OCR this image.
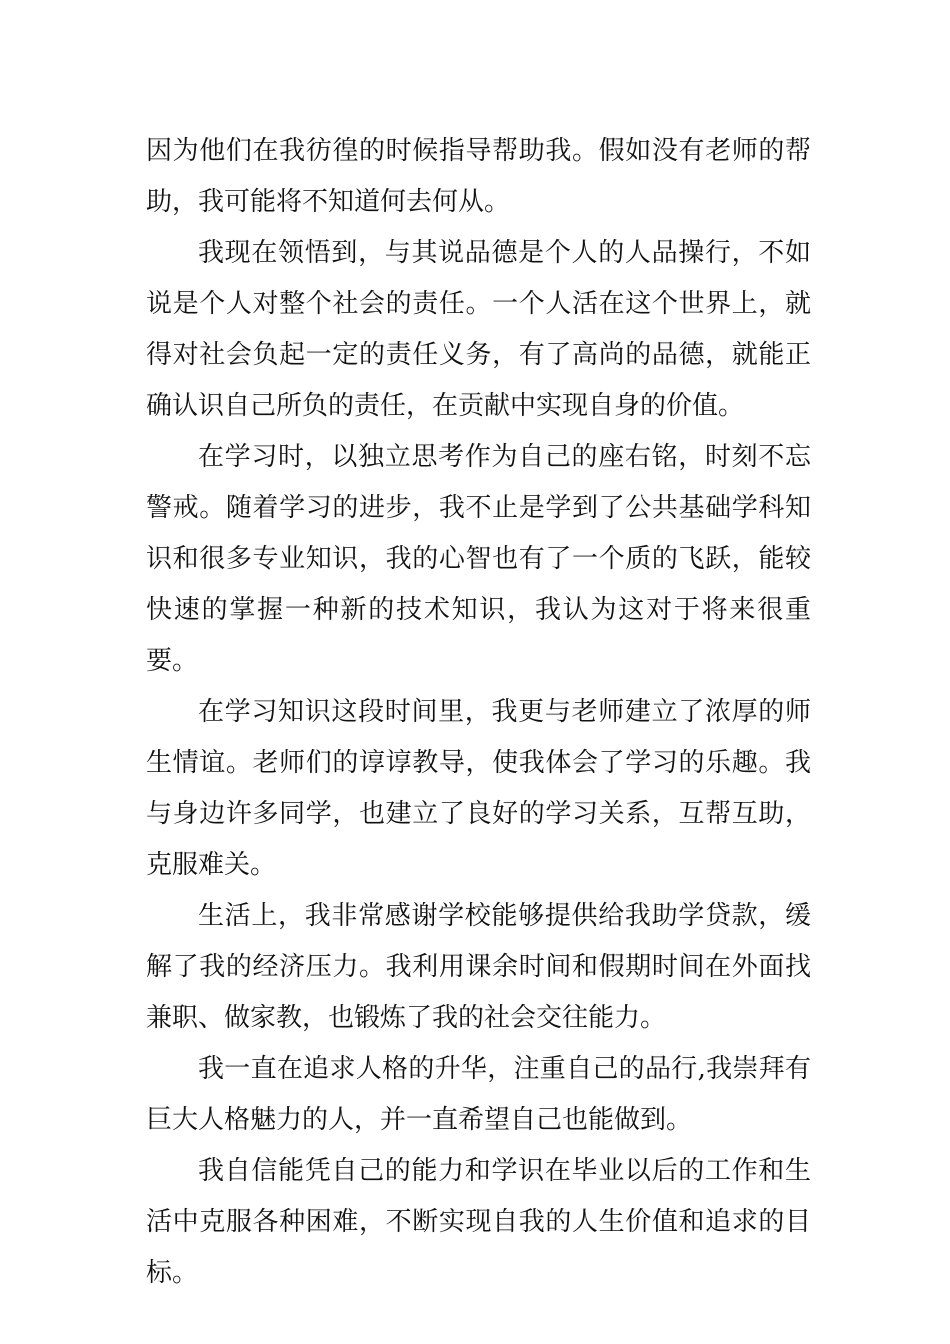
因为他们在我彷徨的时候指导帮助我。假如没有老师的帮助，我可能将不知道何去何从。

我现在领悟到，与其说品德是个人的人品操行，不如说是个人对整个社会的责任。一个人活在这个世界上，就得对社会负起一定的责任义务，有了高尚的品德，就能正确认识自己所负的责任，在贡献中实现自身的价值。

在学习时，以独立思考作为自己的座右铭，时刻不忘警戒。随着学习的进步，我不止是学到了公共基础学科知识和很多专业知识，我的心智也有了一个质的飞跃，能较快速的掌握一种新的技术知识，我认为这对于将来很重要。

在学习知识这段时间里，我更与老师建立了浓厚的师生情谊。老师们的谆谆教导，使我体会了学习的乐趣。我与身边许多同学，也建立了良好的学习关系，互帮互助，克服难关。

生活上，我非常感谢学校能够提供给我助学贷款，缓解了我的经济压力。我利用课余时间和假期时间在外面找兼职、做家教，也锻炼了我的社会交往能力。

我一直在追求人格的升华，注重自己的品行,我崇拜有巨大人格魅力的人，并一直希望自己也能做到。

我自信能凭自己的能力和学识在毕业以后的工作和生活中克服各种困难，不断实现自我的人生价值和追求的目标。
